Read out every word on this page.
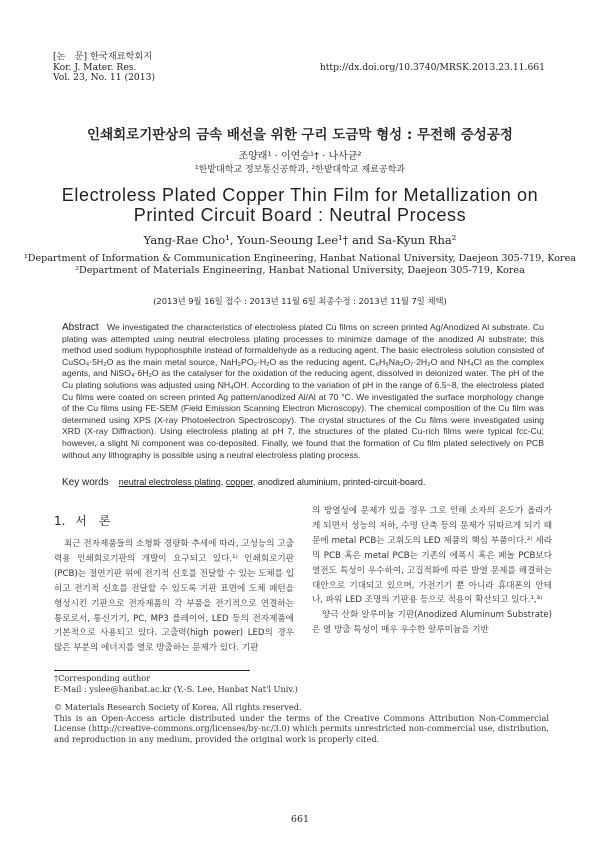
[논　문] 한국재료학회지
Kor. J. Mater. Res.
Vol. 23, No. 11 (2013)
http://dx.doi.org/10.3740/MRSK.2013.23.11.661
인쇄회로기판상의 금속 배선을 위한 구리 도금막 형성 : 무전해 증성공정
조양래¹ · 이연승¹† · 나사균²
¹한밭대학교 정보통신공학과, ²한밭대학교 재료공학과
Electroless Plated Copper Thin Film for Metallization on
Printed Circuit Board : Neutral Process
Yang-Rae Cho¹, Youn-Seoung Lee¹† and Sa-Kyun Rha²
¹Department of Information & Communication Engineering, Hanbat National University, Daejeon 305-719, Korea
²Department of Materials Engineering, Hanbat National University, Daejeon 305-719, Korea
(2013년 9월 16일 접수 : 2013년 11월 6일 최종수정 : 2013년 11월 7일 채택)
Abstract We investigated the characteristics of electroless plated Cu films on screen printed Ag/Anodized Al substrate. Cu plating was attempted using neutral electroless plating processes to minimize damage of the anodized Al substrate; this method used sodium hypophosphite instead of formaldehyde as a reducing agent. The basic electroless solution consisted of CuSO₄·5H₂O as the main metal source, NaH₂PO₂·H₂O as the reducing agent, C₆H₅Na₃O₇·2H₂O and NH₄Cl as the complex agents, and NiSO₄·6H₂O as the catalyser for the oxidation of the reducing agent, dissolved in deionized water. The pH of the Cu plating solutions was adjusted using NH₄OH. According to the variation of pH in the range of 6.5~8, the electroless plated Cu films were coated on screen printed Ag pattern/anodized Al/Al at 70 °C. We investigated the surface morphology change of the Cu films using FE-SEM (Field Emission Scanning Electron Microscopy). The chemical composition of the Cu film was determined using XPS (X-ray Photoelectron Spectroscopy). The crystal structures of the Cu films were investigated using XRD (X-ray Diffraction). Using electroless plating at pH 7, the structures of the plated Cu-rich films were typical fcc-Cu; however, a slight Ni component was co-deposited. Finally, we found that the formation of Cu film plated selectively on PCB without any lithography is possible using a neutral electroless plating process.
Key words neutral electroless plating, copper, anodized aluminium, printed-circuit-board.
1. 서　론

최근 전자제품들의 소형화 경량화 추세에 따라, 고성능의 고출력용 인쇄회로기판의 개발이 요구되고 있다.¹⁾ 인쇄회로기판(PCB)는 절연기판 위에 전기적 신호를 전달할 수 있는 도체를 입히고 전기적 신호를 전달할 수 있도록 기판 표면에 도체 패턴을 형성시킨 기판으로 전자제품의 각 부품을 전기적으로 연결하는 통로로서, 통신기기, PC, MP3 플레이어, LED 등의 전자제품에 기본적으로 사용되고 있다. 고출력(high power) LED의 경우 많은 부분의 에너지를 열로 방출하는 문제가 있다. 기판

의 방열성에 문제가 있을 경우 그로 인해 소자의 온도가 올라가게 되면서 성능의 저하, 수명 단축 등의 문제가 뒤따르게 되기 때문에 metal PCB는 고휘도의 LED 제품의 핵심 부품이다.²⁾ 세라믹 PCB 혹은 metal PCB는 기존의 에폭시 혹은 페놀 PCB보다 열전도 특성이 우수하여, 고집적화에 따른 발열 문제를 해결하는 대안으로 기대되고 있으며, 가전기기 뿐 아니라 휴대폰의 안테나, 파워 LED 조명의 기판용 등으로 적용이 확산되고 있다.¹,³⁾

양극 산화 알루미늄 기판(Anodized Aluminum Substrate)은 열 방출 특성이 매우 우수한 알루미늄을 기반

†Corresponding author
E-Mail : yslee@hanbat.ac.kr (Y.-S. Lee, Hanbat Nat'l Univ.)
© Materials Research Society of Korea, All rights reserved.
This is an Open-Access article distributed under the terms of the Creative Commons Attribution Non-Commercial License (http://creative-commons.org/licenses/by-nc/3.0) which permits unrestricted non-commercial use, distribution, and reproduction in any medium, provided the original work is properly cited.
661
